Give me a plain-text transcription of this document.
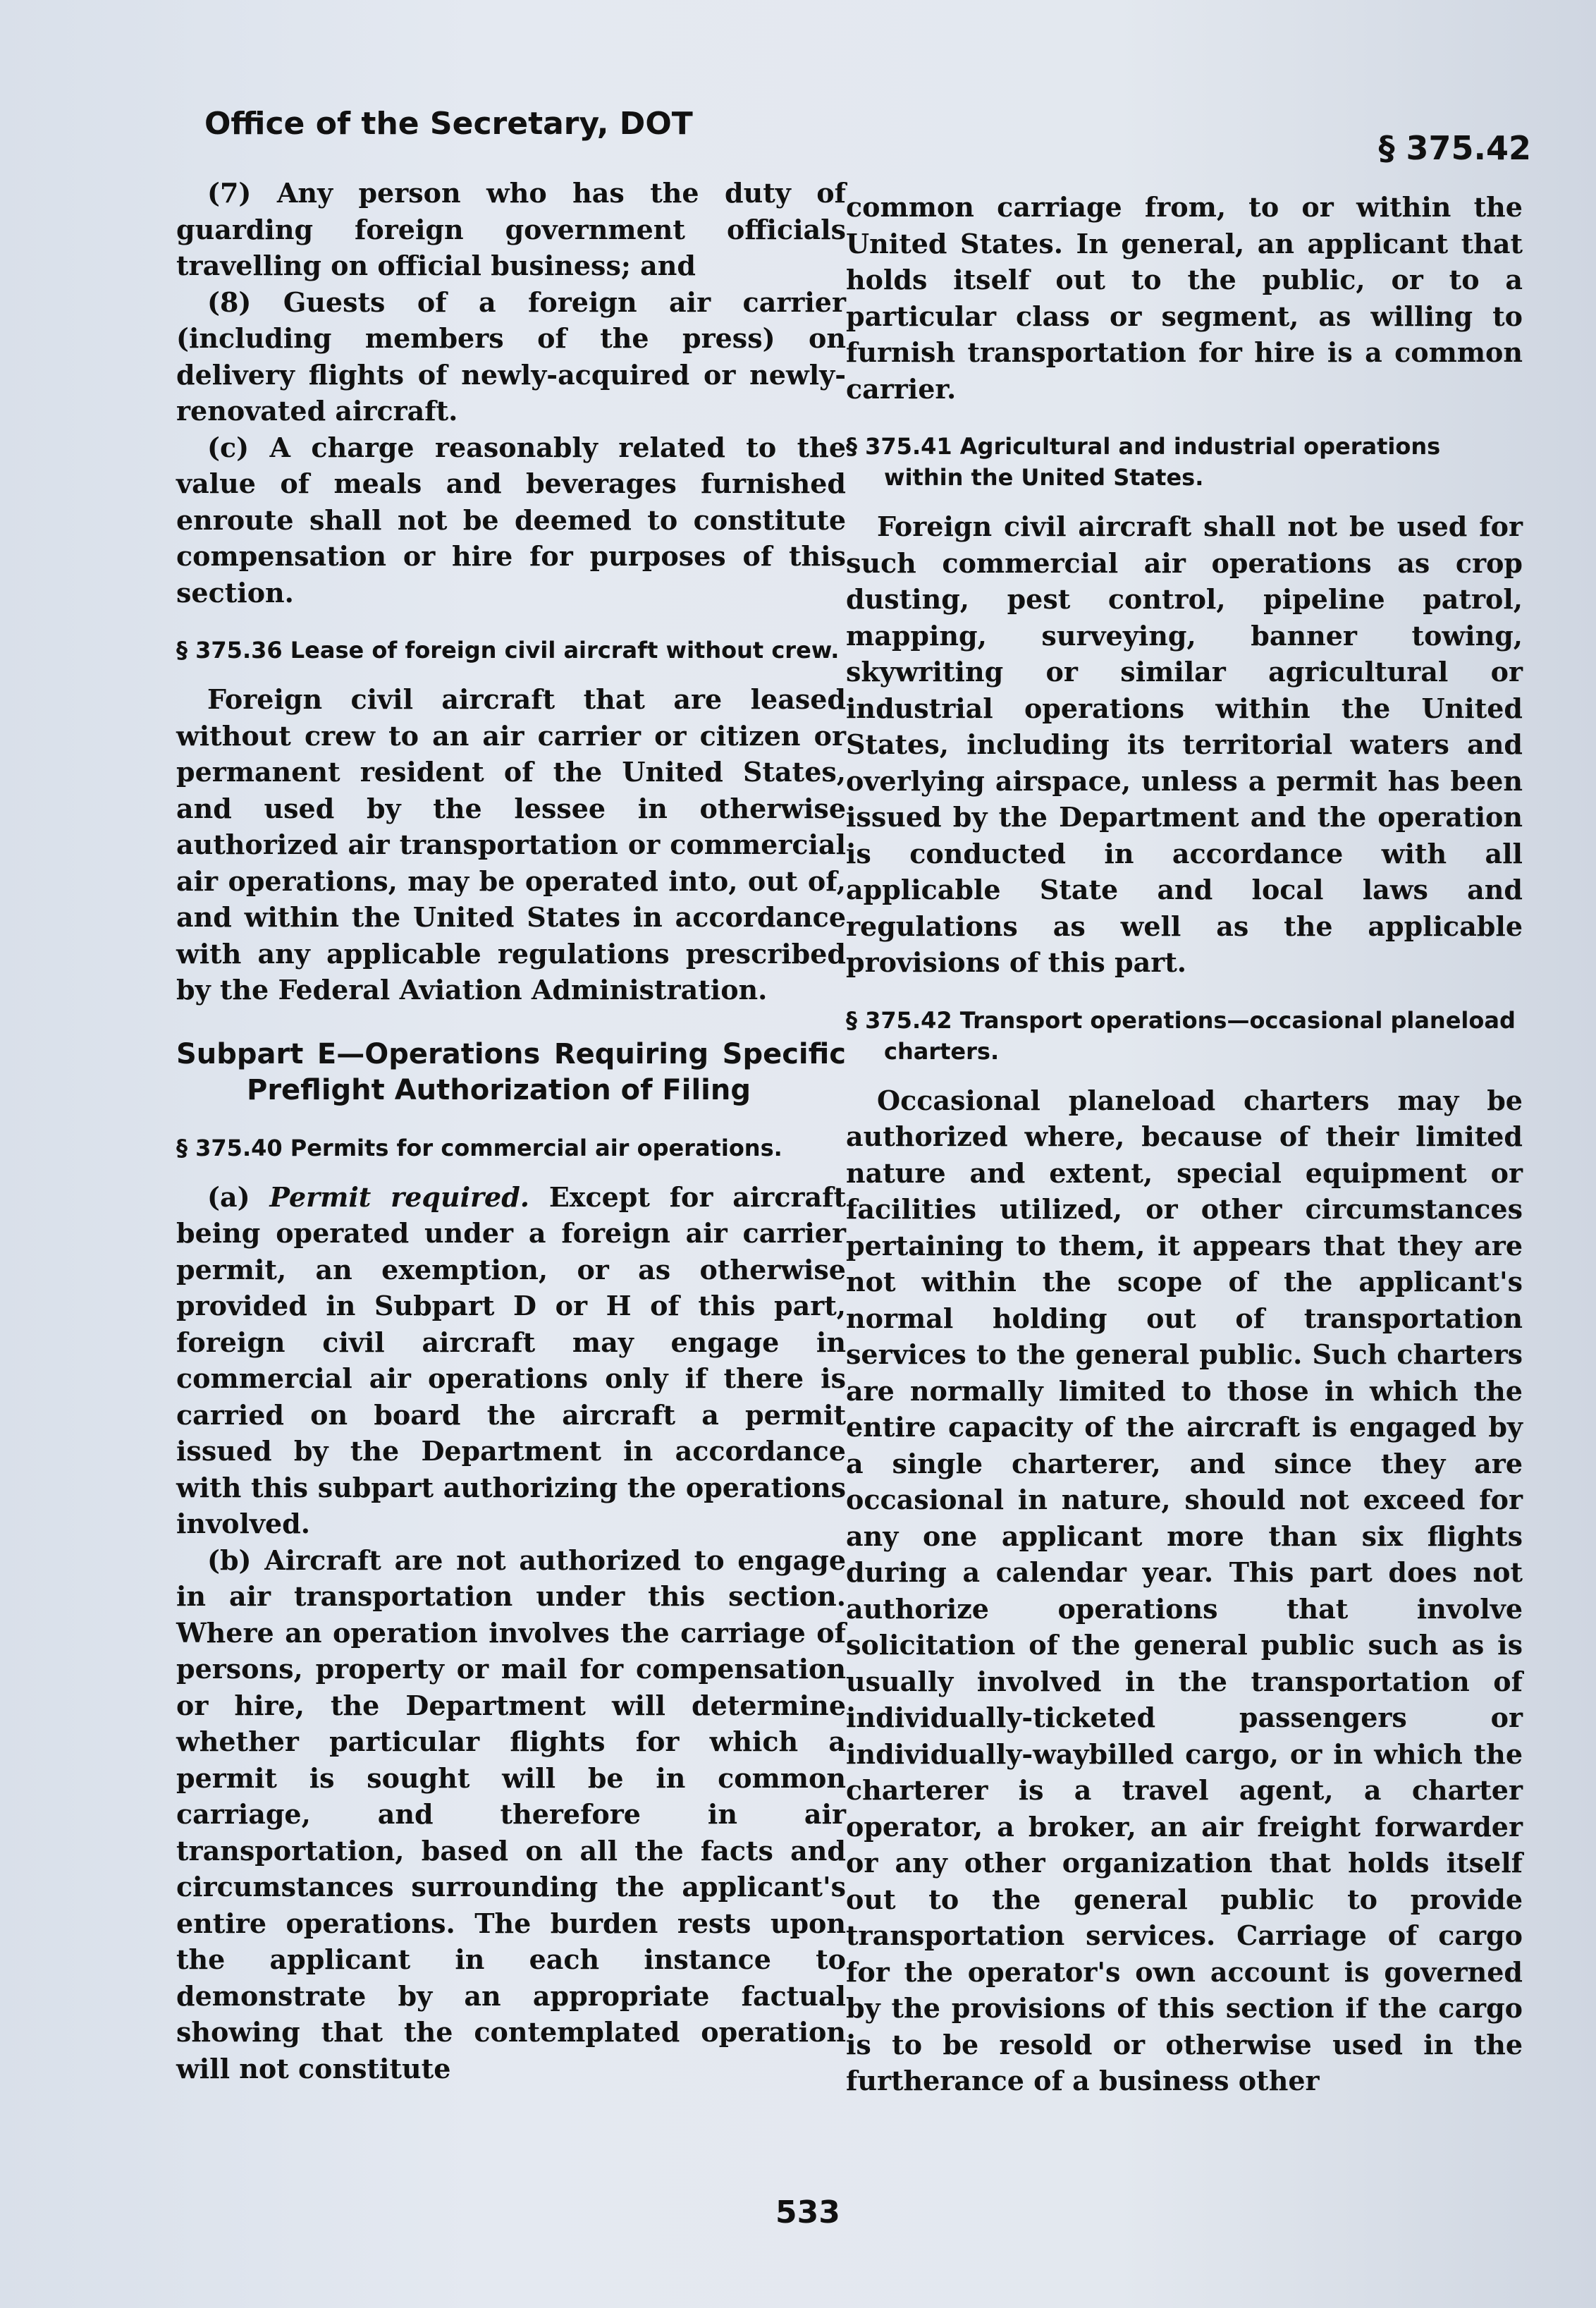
Office of the Secretary, DOT
§ 375.42

(7) Any person who has the duty of guarding foreign government officials travelling on official business; and

(8) Guests of a foreign air carrier (including members of the press) on delivery flights of newly-acquired or newly-renovated aircraft.

(c) A charge reasonably related to the value of meals and beverages furnished enroute shall not be deemed to constitute compensation or hire for purposes of this section.

§ 375.36 Lease of foreign civil aircraft without crew.

Foreign civil aircraft that are leased without crew to an air carrier or citizen or permanent resident of the United States, and used by the lessee in otherwise authorized air transportation or commercial air operations, may be operated into, out of, and within the United States in accordance with any applicable regulations prescribed by the Federal Aviation Administration.

Subpart E—Operations Requiring Specific Preflight Authorization of Filing
§ 375.40 Permits for commercial air operations.

(a) Permit required. Except for aircraft being operated under a foreign air carrier permit, an exemption, or as otherwise provided in Subpart D or H of this part, foreign civil aircraft may engage in commercial air operations only if there is carried on board the aircraft a permit issued by the Department in accordance with this subpart authorizing the operations involved.

(b) Aircraft are not authorized to engage in air transportation under this section. Where an operation involves the carriage of persons, property or mail for compensation or hire, the Department will determine whether particular flights for which a permit is sought will be in common carriage, and therefore in air transportation, based on all the facts and circumstances surrounding the applicant's entire operations. The burden rests upon the applicant in each instance to demonstrate by an appropriate factual showing that the contemplated operation will not constitute

common carriage from, to or within the United States. In general, an applicant that holds itself out to the public, or to a particular class or segment, as willing to furnish transportation for hire is a common carrier.

§ 375.41 Agricultural and industrial operations within the United States.

Foreign civil aircraft shall not be used for such commercial air operations as crop dusting, pest control, pipeline patrol, mapping, surveying, banner towing, skywriting or similar agricultural or industrial operations within the United States, including its territorial waters and overlying airspace, unless a permit has been issued by the Department and the operation is conducted in accordance with all applicable State and local laws and regulations as well as the applicable provisions of this part.

§ 375.42 Transport operations—occasional planeload charters.

Occasional planeload charters may be authorized where, because of their limited nature and extent, special equipment or facilities utilized, or other circumstances pertaining to them, it appears that they are not within the scope of the applicant's normal holding out of transportation services to the general public. Such charters are normally limited to those in which the entire capacity of the aircraft is engaged by a single charterer, and since they are occasional in nature, should not exceed for any one applicant more than six flights during a calendar year. This part does not authorize operations that involve solicitation of the general public such as is usually involved in the transportation of individually-ticketed passengers or individually-waybilled cargo, or in which the charterer is a travel agent, a charter operator, a broker, an air freight forwarder or any other organization that holds itself out to the general public to provide transportation services. Carriage of cargo for the operator's own account is governed by the provisions of this section if the cargo is to be resold or otherwise used in the furtherance of a business other

533
